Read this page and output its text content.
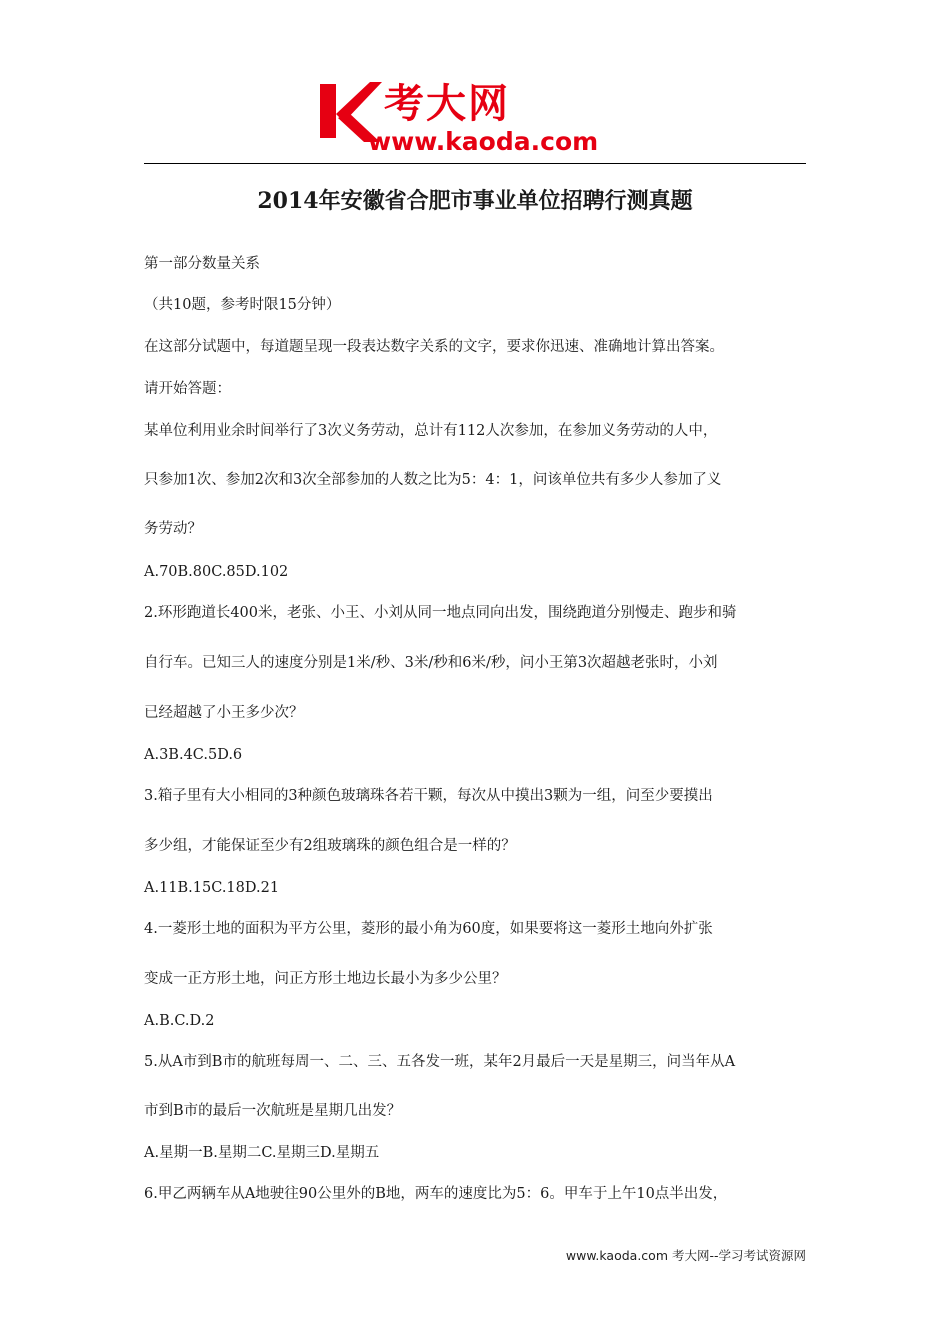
考大网
www.kaoda.com
2014年安徽省合肥市事业单位招聘行测真题
第一部分数量关系
（共10题，参考时限15分钟）
在这部分试题中，每道题呈现一段表达数字关系的文字，要求你迅速、准确地计算出答案。
请开始答题：
某单位利用业余时间举行了3次义务劳动，总计有112人次参加，在参加义务劳动的人中，
只参加1次、参加2次和3次全部参加的人数之比为5：4：1，问该单位共有多少人参加了义
务劳动？
A.70B.80C.85D.102
2.环形跑道长400米，老张、小王、小刘从同一地点同向出发，围绕跑道分别慢走、跑步和骑
自行车。已知三人的速度分别是1米/秒、3米/秒和6米/秒，问小王第3次超越老张时，小刘
已经超越了小王多少次？
A.3B.4C.5D.6
3.箱子里有大小相同的3种颜色玻璃珠各若干颗，每次从中摸出3颗为一组，问至少要摸出
多少组，才能保证至少有2组玻璃珠的颜色组合是一样的？
A.11B.15C.18D.21
4.一菱形土地的面积为平方公里，菱形的最小角为60度，如果要将这一菱形土地向外扩张
变成一正方形土地，问正方形土地边长最小为多少公里？
A.B.C.D.2
5.从A市到B市的航班每周一、二、三、五各发一班，某年2月最后一天是星期三，问当年从A
市到B市的最后一次航班是星期几出发？
A.星期一B.星期二C.星期三D.星期五
6.甲乙两辆车从A地驶往90公里外的B地，两车的速度比为5：6。甲车于上午10点半出发，
www.kaoda.com 考大网--学习考试资源网
